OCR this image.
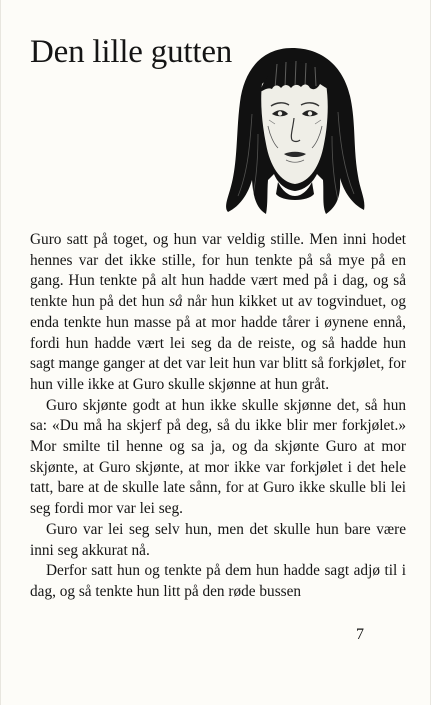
Den lille gutten

Guro satt på toget, og hun var veldig stille. Men inni hodet hennes var det ikke stille, for hun tenkte på så mye på en gang. Hun tenkte på alt hun hadde vært med på i dag, og så tenkte hun på det hun så når hun kikket ut av togvinduet, og enda tenkte hun masse på at mor hadde tårer i øynene ennå, fordi hun hadde vært lei seg da de reiste, og så hadde hun sagt mange ganger at det var leit hun var blitt så forkjølet, for hun ville ikke at Guro skulle skjønne at hun gråt.

Guro skjønte godt at hun ikke skulle skjønne det, så hun sa: «Du må ha skjerf på deg, så du ikke blir mer forkjølet.» Mor smilte til henne og sa ja, og da skjønte Guro at mor skjønte, at Guro skjønte, at mor ikke var forkjølet i det hele tatt, bare at de skulle late sånn, for at Guro ikke skulle bli lei seg fordi mor var lei seg.

Guro var lei seg selv hun, men det skulle hun bare være inni seg akkurat nå.

Derfor satt hun og tenkte på dem hun hadde sagt adjø til i dag, og så tenkte hun litt på den røde bussen

7
